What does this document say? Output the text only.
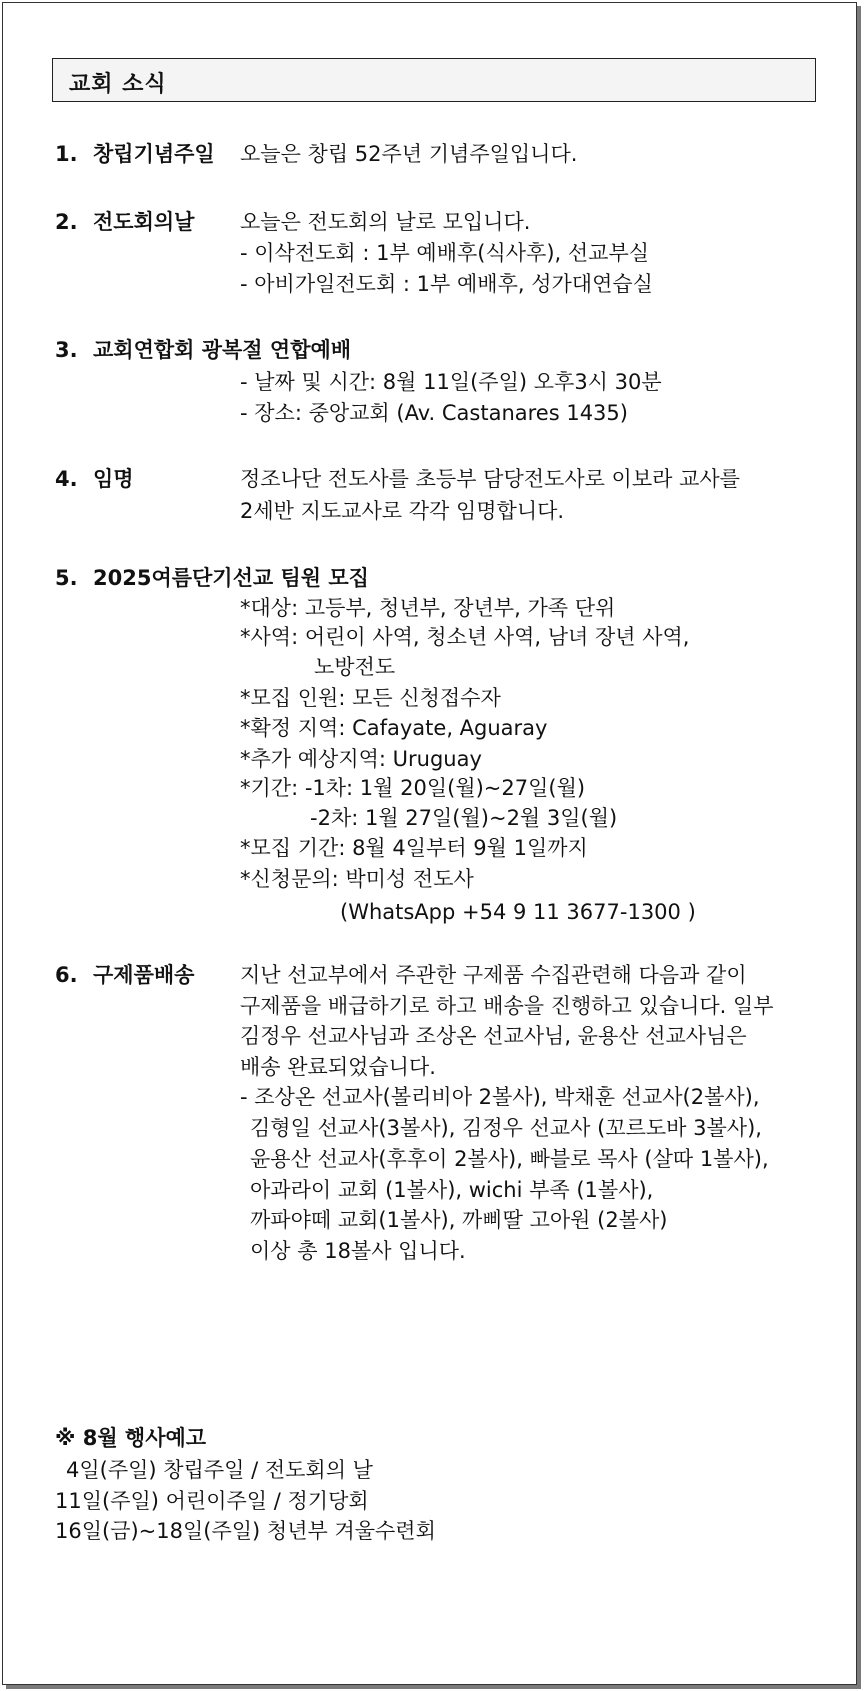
교회 소식
1. 창립기념주일 오늘은 창립 52주년 기념주일입니다.
2. 전도회의날 오늘은 전도회의 날로 모입니다.
- 이삭전도회 : 1부 예배후(식사후), 선교부실
- 아비가일전도회 : 1부 예배후, 성가대연습실
3. 교회연합회 광복절 연합예배
- 날짜 및 시간: 8월 11일(주일) 오후3시 30분
- 장소: 중앙교회 (Av. Castanares 1435)
4. 임명	정조나단 전도사를 초등부 담당전도사로 이보라 교사를
2세반 지도교사로 각각 임명합니다.
5. 2025여름단기선교 팀원 모집
*대상: 고등부, 청년부, 장년부, 가족 단위
*사역: 어린이 사역, 청소년 사역, 남녀 장년 사역,
노방전도
*모집 인원: 모든 신청접수자
*확정 지역: Cafayate, Aguaray
*추가 예상지역: Uruguay
*기간: -1차: 1월 20일(월)~27일(월)
-2차: 1월 27일(월)~2월 3일(월)
*모집 기간: 8월 4일부터 9월 1일까지
*신청문의: 박미성 전도사
(WhatsApp +54 9 11 3677-1300 )
6. 구제품배송 지난 선교부에서 주관한 구제품 수집관련해 다음과 같이
구제품을 배급하기로 하고 배송을 진행하고 있습니다. 일부
김정우 선교사님과 조상온 선교사님, 윤용산 선교사님은
배송 완료되었습니다.
- 조상온 선교사(볼리비아 2볼사), 박채훈 선교사(2볼사),
김형일 선교사(3볼사), 김정우 선교사 (꼬르도바 3볼사),
윤용산 선교사(후후이 2볼사), 빠블로 목사 (살따 1볼사),
아과라이 교회 (1볼사), wichi 부족 (1볼사),
까파야떼 교회(1볼사), 까삐딸 고아원 (2볼사)
이상 총 18볼사 입니다.
※ 8월 행사예고
4일(주일) 창립주일 / 전도회의 날
11일(주일) 어린이주일 / 정기당회
16일(금)~18일(주일) 청년부 겨울수련회
